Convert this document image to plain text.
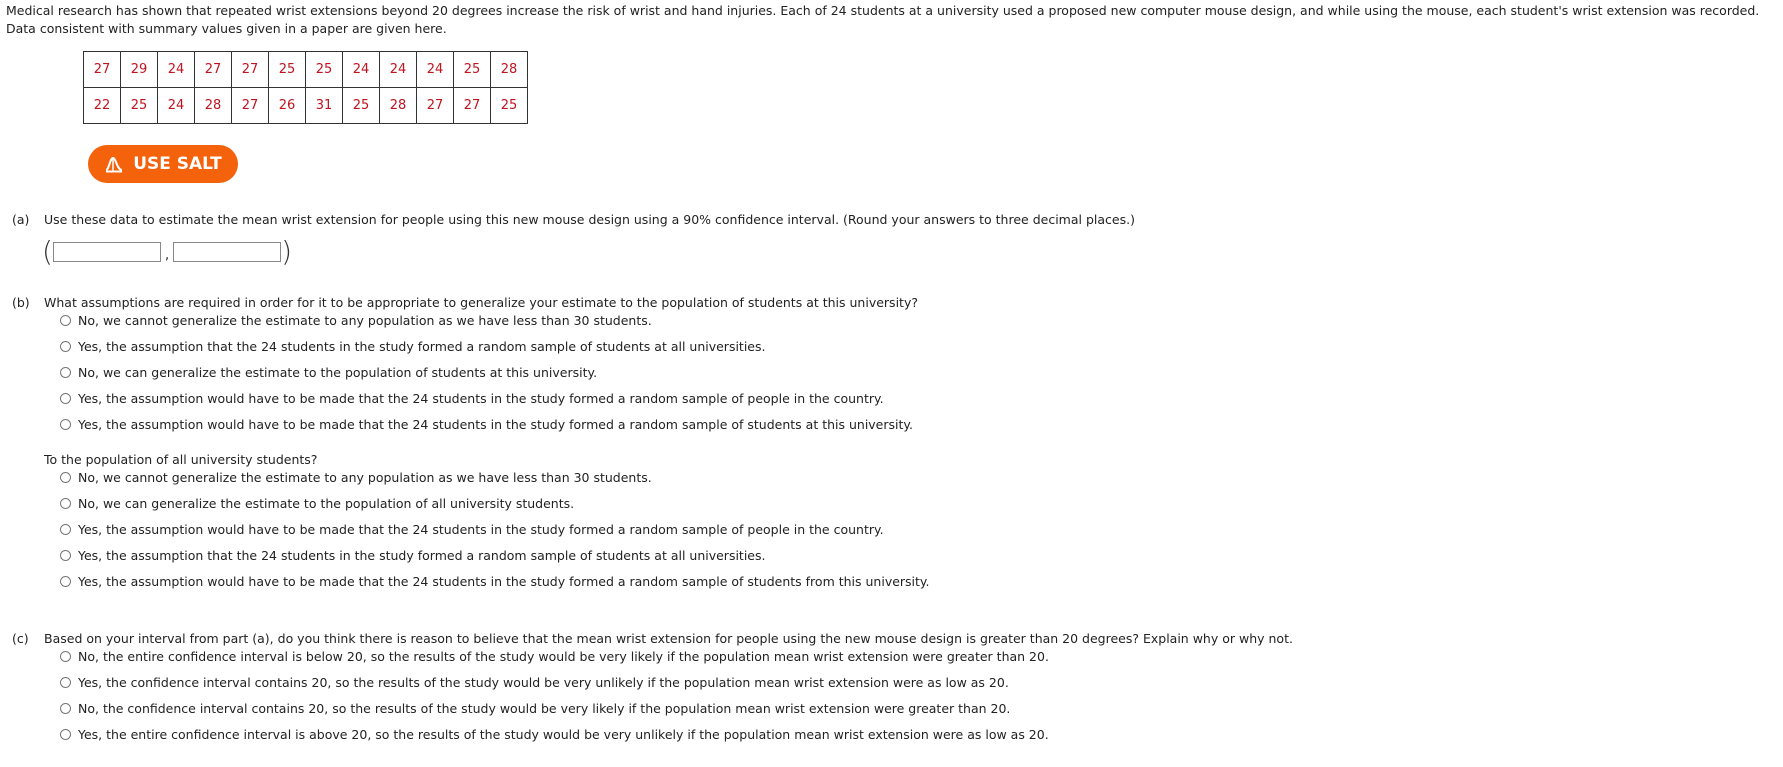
Medical research has shown that repeated wrist extensions beyond 20 degrees increase the risk of wrist and hand injuries. Each of 24 students at a university used a proposed new computer mouse design, and while using the mouse, each student's wrist extension was recorded. Data consistent with summary values given in a paper are given here.
27	29	24	27	27	25	25	24	24	24	25	28
22	25	24	28	27	26	31	25	28	27	27	25
USE SALT
(a) Use these data to estimate the mean wrist extension for people using this new mouse design using a 90% confidence interval. (Round your answers to three decimal places.)
(	,	)
(b) What assumptions are required in order for it to be appropriate to generalize your estimate to the population of students at this university?
No, we cannot generalize the estimate to any population as we have less than 30 students.
Yes, the assumption that the 24 students in the study formed a random sample of students at all universities.
No, we can generalize the estimate to the population of students at this university.
Yes, the assumption would have to be made that the 24 students in the study formed a random sample of people in the country.
Yes, the assumption would have to be made that the 24 students in the study formed a random sample of students at this university.
To the population of all university students?
No, we cannot generalize the estimate to any population as we have less than 30 students.
No, we can generalize the estimate to the population of all university students.
Yes, the assumption would have to be made that the 24 students in the study formed a random sample of people in the country.
Yes, the assumption that the 24 students in the study formed a random sample of students at all universities.
Yes, the assumption would have to be made that the 24 students in the study formed a random sample of students from this university.
(c) Based on your interval from part (a), do you think there is reason to believe that the mean wrist extension for people using the new mouse design is greater than 20 degrees? Explain why or why not.
No, the entire confidence interval is below 20, so the results of the study would be very likely if the population mean wrist extension were greater than 20.
Yes, the confidence interval contains 20, so the results of the study would be very unlikely if the population mean wrist extension were as low as 20.
No, the confidence interval contains 20, so the results of the study would be very likely if the population mean wrist extension were greater than 20.
Yes, the entire confidence interval is above 20, so the results of the study would be very unlikely if the population mean wrist extension were as low as 20.
